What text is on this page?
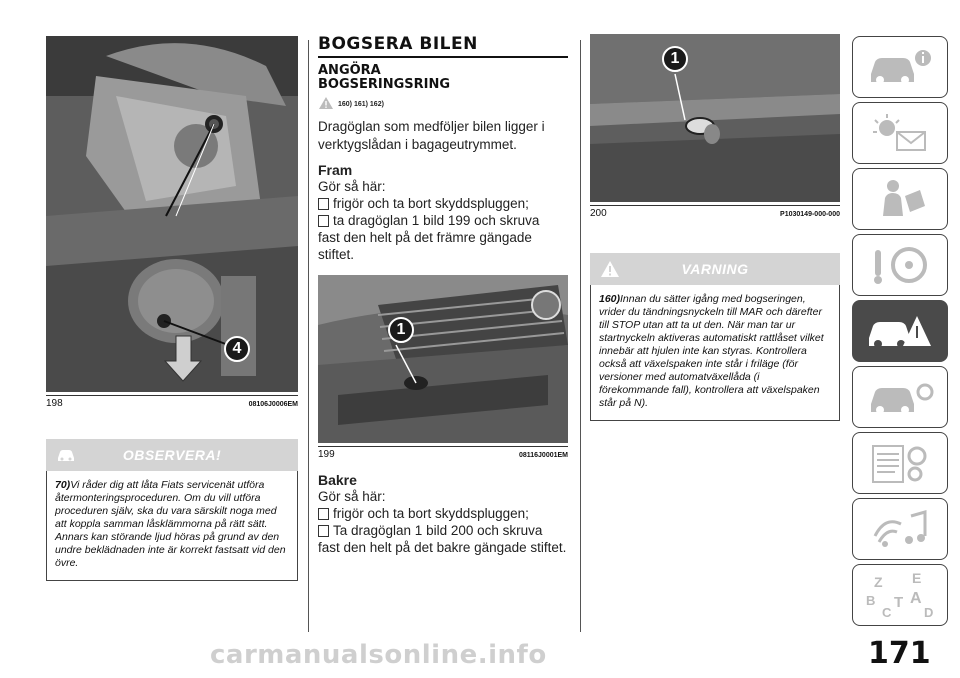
4
198	08106J0006EM
OBSERVERA!
70)Vi råder dig att låta Fiats servicenät utföra återmonteringsproceduren. Om du vill utföra proceduren själv, ska du vara särskilt noga med att koppla samman låsklämmorna på rätt sätt. Annars kan störande ljud höras på grund av den undre beklädnaden inte är korrekt fastsatt vid den övre.
BOGSERA BILEN
ANGÖRA
BOGSERINGSRING
160) 161) 162)

Dragöglan som medföljer bilen ligger i verktygslådan i bagageutrymmet.

Fram
Gör så här:
frigör och ta bort skyddspluggen;
ta dragöglan 1 bild 199 och skruva
fast den helt på det främre gängade stiftet.
1
199	08116J0001EM
Bakre
Gör så här:
frigör och ta bort skyddspluggen;
Ta dragöglan 1 bild 200 och skruva
fast den helt på det bakre gängade stiftet.
1
200	P1030149-000-000
VARNING
160)Innan du sätter igång med bogseringen, vrider du tändningsnyckeln till MAR och därefter till STOP utan att ta ut den. När man tar ur startnyckeln aktiveras automatiskt rattlåset vilket innebär att hjulen inte kan styras. Kontrollera också att växelspaken inte står i friläge (för versioner med automatväxellåda (i förekommande fall), kontrollera att växelspaken står på N).
Z E
B A
C
T
D
carmanualsonline.info	171
